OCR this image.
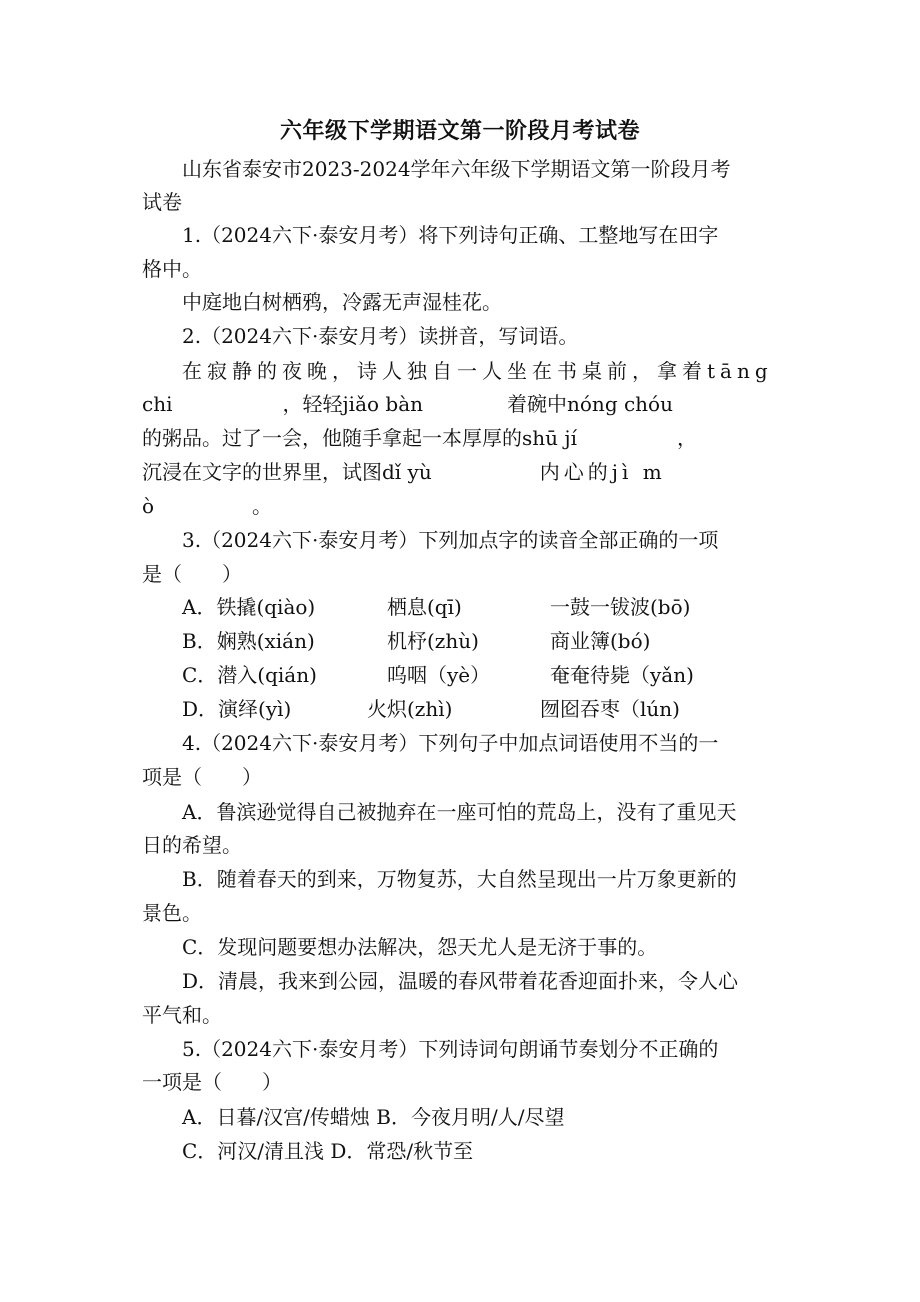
六年级下学期语文第一阶段月考试卷
山东省泰安市2023-2024学年六年级下学期语文第一阶段月考
试卷
1.（2024六下·泰安月考）将下列诗句正确、工整地写在田字
格中。
中庭地白树栖鸦，冷露无声湿桂花。
2.（2024六下·泰安月考）读拼音，写词语。
在寂静的夜晚，诗人独自一人坐在书桌前，拿着tāng
chi	，轻轻jiǎo bàn	着碗中nóng chóu
的粥品。过了一会，他随手拿起一本厚厚的shū jí	，
沉浸在文字的世界里，试图dǐ yù	内心的jì m
ò	。
3.（2024六下·泰安月考）下列加点字的读音全部正确的一项
是（　　）
A．铁撬(qiào)	栖息(qī)	一鼓一钹波(bō)
B．娴熟(xián)	机杼(zhù)	商业簿(bó)
C．潜入(qián)	呜咽（yè）	奄奄待毙（yǎn)
D．演绎(yì)	火炽(zhì)	囫囵吞枣（lún)
4.（2024六下·泰安月考）下列句子中加点词语使用不当的一
项是（　　）
A．鲁滨逊觉得自己被抛弃在一座可怕的荒岛上，没有了重见天
日的希望。
B．随着春天的到来，万物复苏，大自然呈现出一片万象更新的
景色。
C．发现问题要想办法解决，怨天尤人是无济于事的。
D．清晨，我来到公园，温暖的春风带着花香迎面扑来，令人心
平气和。
5.（2024六下·泰安月考）下列诗词句朗诵节奏划分不正确的
一项是（　　）
A．日暮/汉宫/传蜡烛 B．今夜月明/人/尽望
C．河汉/清且浅 D．常恐/秋节至
